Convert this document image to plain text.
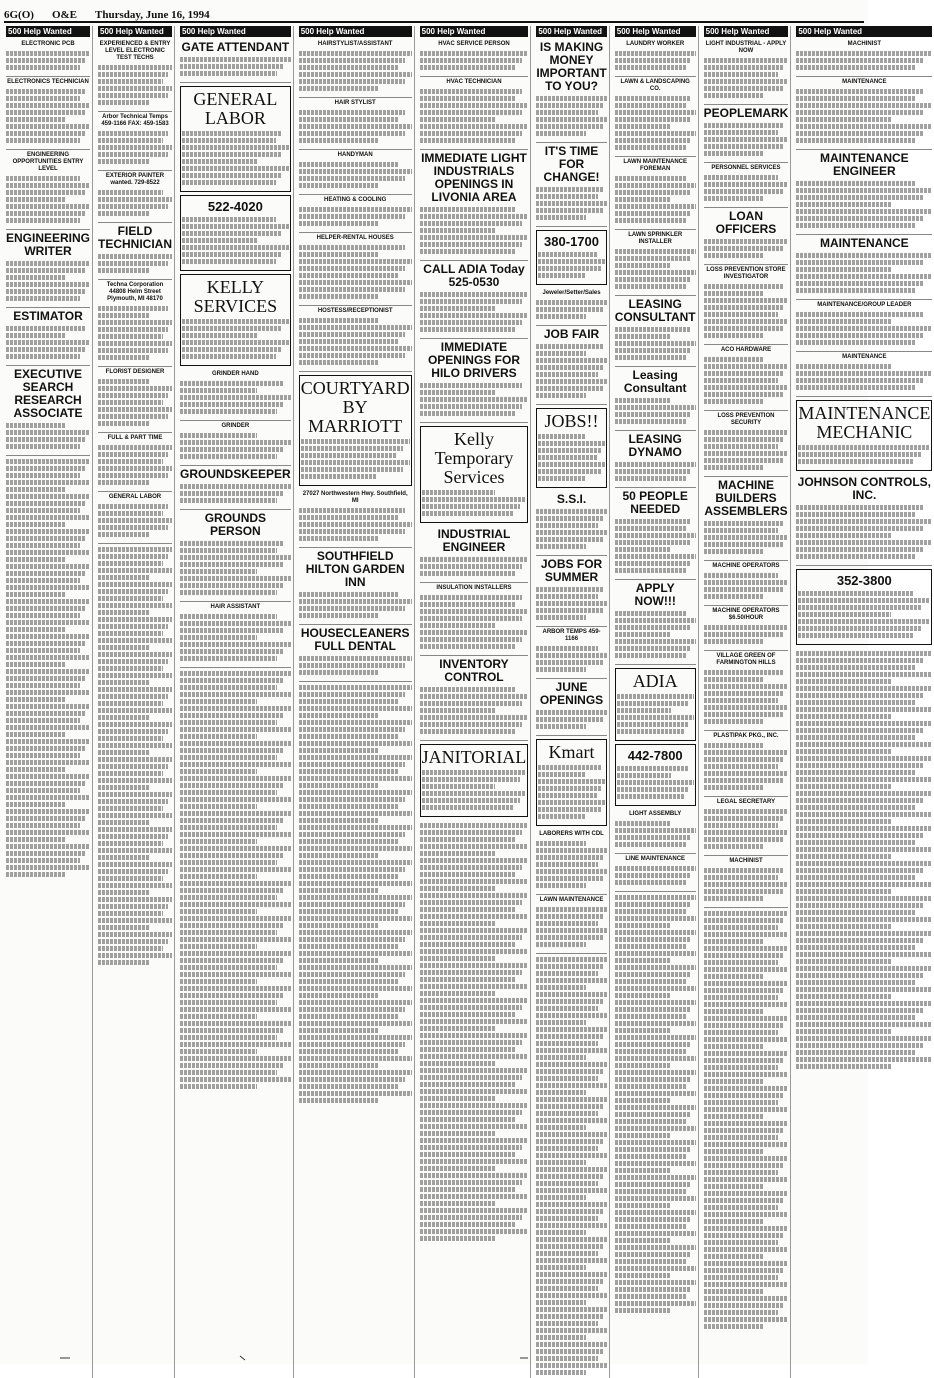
6G(O) O&E Thursday, June 16, 1994
500 Help Wanted
ELECTRONIC PCB
ELECTRONICS TECHNICIAN
ENGINEERING OPPORTUNITIES ENTRY LEVEL
ENGINEERING WRITER
ESTIMATOR
EXECUTIVE SEARCH RESEARCH ASSOCIATE
500 Help Wanted
EXPERIENCED & ENTRY LEVEL ELECTRONIC TEST TECHS
Arbor Technical Temps 459-1166 FAX: 459-1583
EXTERIOR PAINTER wanted. 729-8522
FIELD TECHNICIAN
Techna Corporation 44808 Helm Street Plymouth, MI 48170
FLORIST DESIGNER
FULL & PART TIME
GENERAL LABOR
500 Help Wanted
GATE ATTENDANT
GENERAL LABOR
522-4020
KELLY SERVICES
GRINDER HAND
GRINDER
GROUNDSKEEPER
GROUNDS PERSON
HAIR ASSISTANT
500 Help Wanted
HAIRSTYLIST/ASSISTANT
HAIR STYLIST
HANDYMAN
HEATING & COOLING
HELPER-RENTAL HOUSES
HOSTESS/RECEPTIONIST
COURTYARD BY MARRIOTT
27027 Northwestern Hwy. Southfield, MI
SOUTHFIELD HILTON GARDEN INN
HOUSECLEANERS FULL DENTAL
500 Help Wanted
HVAC SERVICE PERSON
HVAC TECHNICIAN
IMMEDIATE LIGHT INDUSTRIALS OPENINGS IN LIVONIA AREA
CALL ADIA Today 525-0530
IMMEDIATE OPENINGS FOR HILO DRIVERS
Kelly Temporary Services
INDUSTRIAL ENGINEER
INSULATION INSTALLERS
INVENTORY CONTROL
JANITORIAL
500 Help Wanted
IS MAKING MONEY IMPORTANT TO YOU?
IT'S TIME FOR CHANGE!
380-1700
Jeweler/Setter/Sales
JOB FAIR
JOBS!!
S.S.I.
JOBS FOR SUMMER
ARBOR TEMPS 459-1166
JUNE OPENINGS
Kmart
LABORERS WITH CDL
LAWN MAINTENANCE
500 Help Wanted
LAUNDRY WORKER
LAWN & LANDSCAPING CO.
LAWN MAINTENANCE FOREMAN
LAWN SPRINKLER INSTALLER
LEASING CONSULTANT
Leasing Consultant
LEASING DYNAMO
50 PEOPLE NEEDED
APPLY NOW!!!
ADIA
442-7800
LIGHT ASSEMBLY
LINE MAINTENANCE
500 Help Wanted
LIGHT INDUSTRIAL - APPLY NOW
PEOPLEMARK
PERSONNEL SERVICES
LOAN OFFICERS
LOSS PREVENTION STORE INVESTIGATOR
ACO HARDWARE
LOSS PREVENTION SECURITY
MACHINE BUILDERS ASSEMBLERS
MACHINE OPERATORS
MACHINE OPERATORS $6.50/HOUR
VILLAGE GREEN OF FARMINGTON HILLS
PLASTIPAK PKG., INC.
LEGAL SECRETARY
MACHINIST
500 Help Wanted
MACHINIST
MAINTENANCE
MAINTENANCE ENGINEER
MAINTENANCE
MAINTENANCE/GROUP LEADER
MAINTENANCE
MAINTENANCE MECHANIC
JOHNSON CONTROLS, INC.
352-3800
